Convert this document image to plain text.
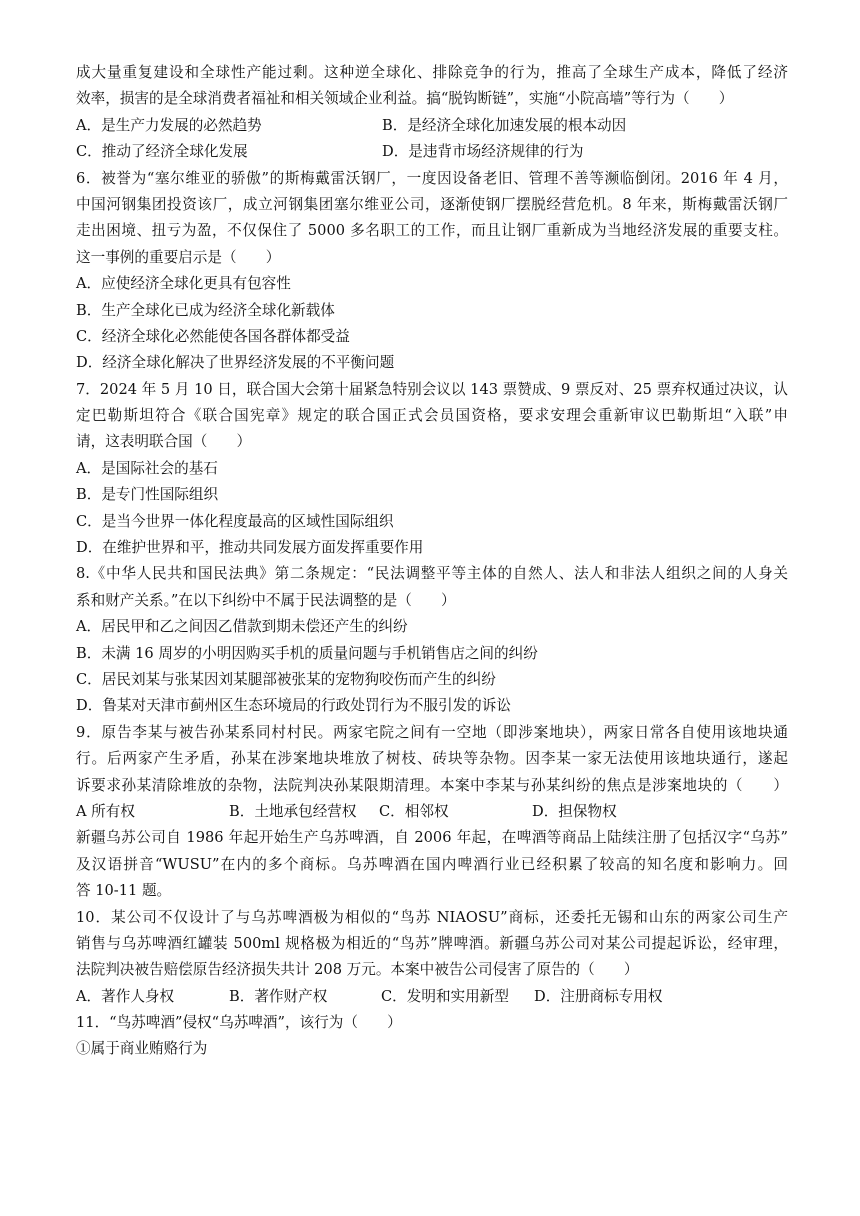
成大量重复建设和全球性产能过剩。这种逆全球化、排除竞争的行为，推高了全球生产成本，降低了经济
效率，损害的是全球消费者福祉和相关领域企业利益。搞“脱钩断链”，实施“小院高墙”等行为（　　）
A．是生产力发展的必然趋势	B．是经济全球化加速发展的根本动因
C．推动了经济全球化发展	D．是违背市场经济规律的行为
6．被誉为“塞尔维亚的骄傲”的斯梅戴雷沃钢厂，一度因设备老旧、管理不善等濒临倒闭。2016 年 4 月，
中国河钢集团投资该厂，成立河钢集团塞尔维亚公司，逐渐使钢厂摆脱经营危机。8 年来，斯梅戴雷沃钢厂
走出困境、扭亏为盈，不仅保住了 5000 多名职工的工作，而且让钢厂重新成为当地经济发展的重要支柱。
这一事例的重要启示是（　　）
A．应使经济全球化更具有包容性
B．生产全球化已成为经济全球化新载体
C．经济全球化必然能使各国各群体都受益
D．经济全球化解决了世界经济发展的不平衡问题
7．2024 年 5 月 10 日，联合国大会第十届紧急特别会议以 143 票赞成、9 票反对、25 票弃权通过决议，认
定巴勒斯坦符合《联合国宪章》规定的联合国正式会员国资格，要求安理会重新审议巴勒斯坦“入联”申
请，这表明联合国（　　）
A．是国际社会的基石
B．是专门性国际组织
C．是当今世界一体化程度最高的区域性国际组织
D．在维护世界和平，推动共同发展方面发挥重要作用
8.《中华人民共和国民法典》第二条规定：“民法调整平等主体的自然人、法人和非法人组织之间的人身关
系和财产关系。”在以下纠纷中不属于民法调整的是（　　）
A．居民甲和乙之间因乙借款到期未偿还产生的纠纷
B．未满 16 周岁的小明因购买手机的质量问题与手机销售店之间的纠纷
C．居民刘某与张某因刘某腿部被张某的宠物狗咬伤而产生的纠纷
D．鲁某对天津市蓟州区生态环境局的行政处罚行为不服引发的诉讼
9．原告李某与被告孙某系同村村民。两家宅院之间有一空地（即涉案地块），两家日常各自使用该地块通
行。后两家产生矛盾，孙某在涉案地块堆放了树枝、砖块等杂物。因李某一家无法使用该地块通行，遂起
诉要求孙某清除堆放的杂物，法院判决孙某限期清理。本案中李某与孙某纠纷的焦点是涉案地块的（　　）
A 所有权	B．土地承包经营权	C．相邻权	D．担保物权
新疆乌苏公司自 1986 年起开始生产乌苏啤酒，自 2006 年起，在啤酒等商品上陆续注册了包括汉字“乌苏”
及汉语拼音“WUSU”在内的多个商标。乌苏啤酒在国内啤酒行业已经积累了较高的知名度和影响力。回
答 10-11 题。
10．某公司不仅设计了与乌苏啤酒极为相似的“鸟苏 NIAOSU”商标，还委托无锡和山东的两家公司生产
销售与乌苏啤酒红罐装 500ml 规格极为相近的“鸟苏”牌啤酒。新疆乌苏公司对某公司提起诉讼，经审理，
法院判决被告赔偿原告经济损失共计 208 万元。本案中被告公司侵害了原告的（　　）
A．著作人身权	B．著作财产权	C．发明和实用新型	D．注册商标专用权
11．“鸟苏啤酒”侵权“乌苏啤酒”，该行为（　　）
①属于商业贿赂行为
